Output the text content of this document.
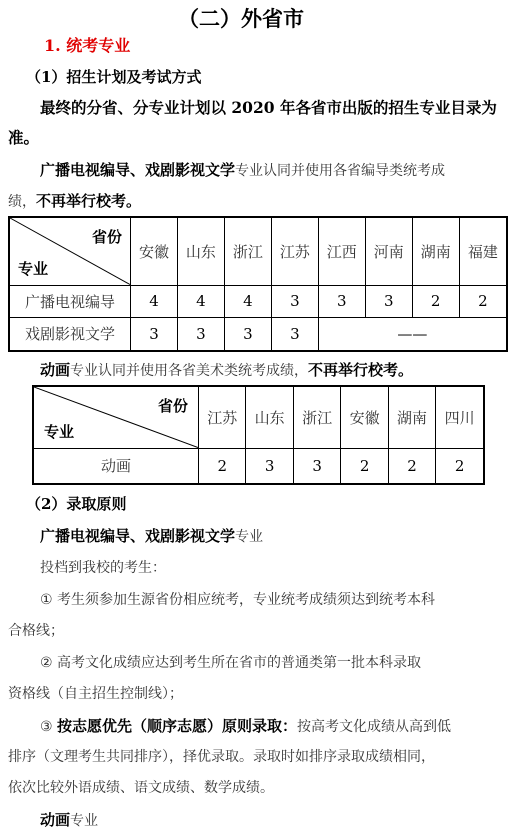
（二）外省市
1. 统考专业
（1）招生计划及考试方式
最终的分省、分专业计划以 2020 年各省市出版的招生专业目录为
准。
广播电视编导、戏剧影视文学专业认同并使用各省编导类统考成
绩，不再举行校考。
省份
专业	安徽	山东	浙江	江苏	江西	河南	湖南	福建
广播电视编导	4	4	4	3	3	3	2	2
戏剧影视文学	3	3	3	3	——			
动画专业认同并使用各省美术类统考成绩，不再举行校考。
省份
专业	江苏	山东	浙江	安徽	湖南	四川
动画	2	3	3	2	2	2
（2）录取原则
广播电视编导、戏剧影视文学专业
投档到我校的考生：
① 考生须参加生源省份相应统考，专业统考成绩须达到统考本科
合格线；
② 高考文化成绩应达到考生所在省市的普通类第一批本科录取
资格线（自主招生控制线）；
③ 按志愿优先（顺序志愿）原则录取：按高考文化成绩从高到低
排序（文理考生共同排序），择优录取。录取时如排序录取成绩相同，
依次比较外语成绩、语文成绩、数学成绩。
动画专业
